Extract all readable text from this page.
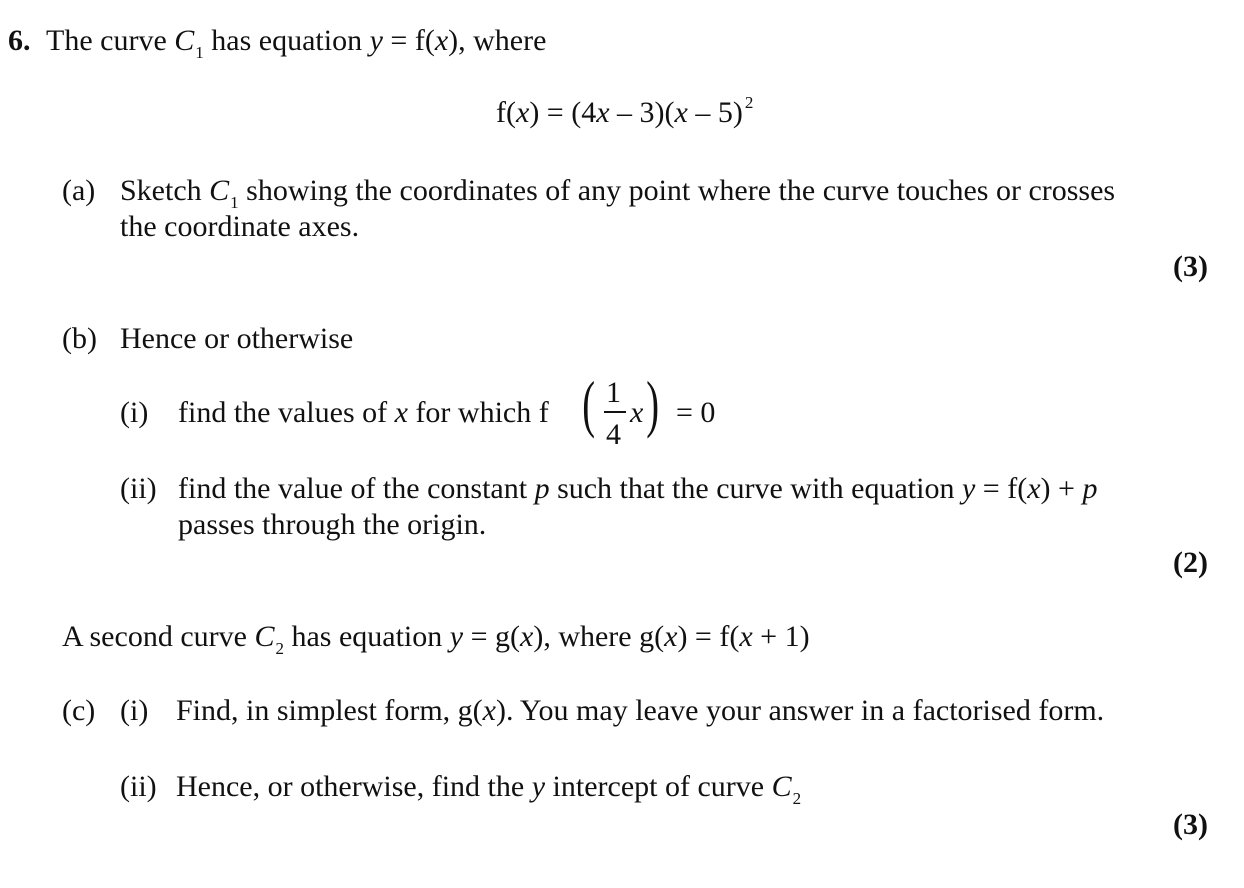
6. The curve $C_1$ has equation y = f(x), where
f(x) = (4x – 3)(x – 5) $^2$
(a) Sketch $C_1$ showing the coordinates of any point where the curve touches or crosses
the coordinate axes.
(3)
(b) Hence or otherwise
(i) find the values of x for which f ( 1
4
x ) = 0
(ii) find the value of the constant p such that the curve with equation y = f(x) + p
passes through the origin.
(2)
A second curve $C_2$ has equation y = g(x), where g(x) = f(x + 1)
(c) (i) Find, in simplest form, g(x). You may leave your answer in a factorised form.
(ii) Hence, or otherwise, find the y intercept of curve $C_2$
(3)
